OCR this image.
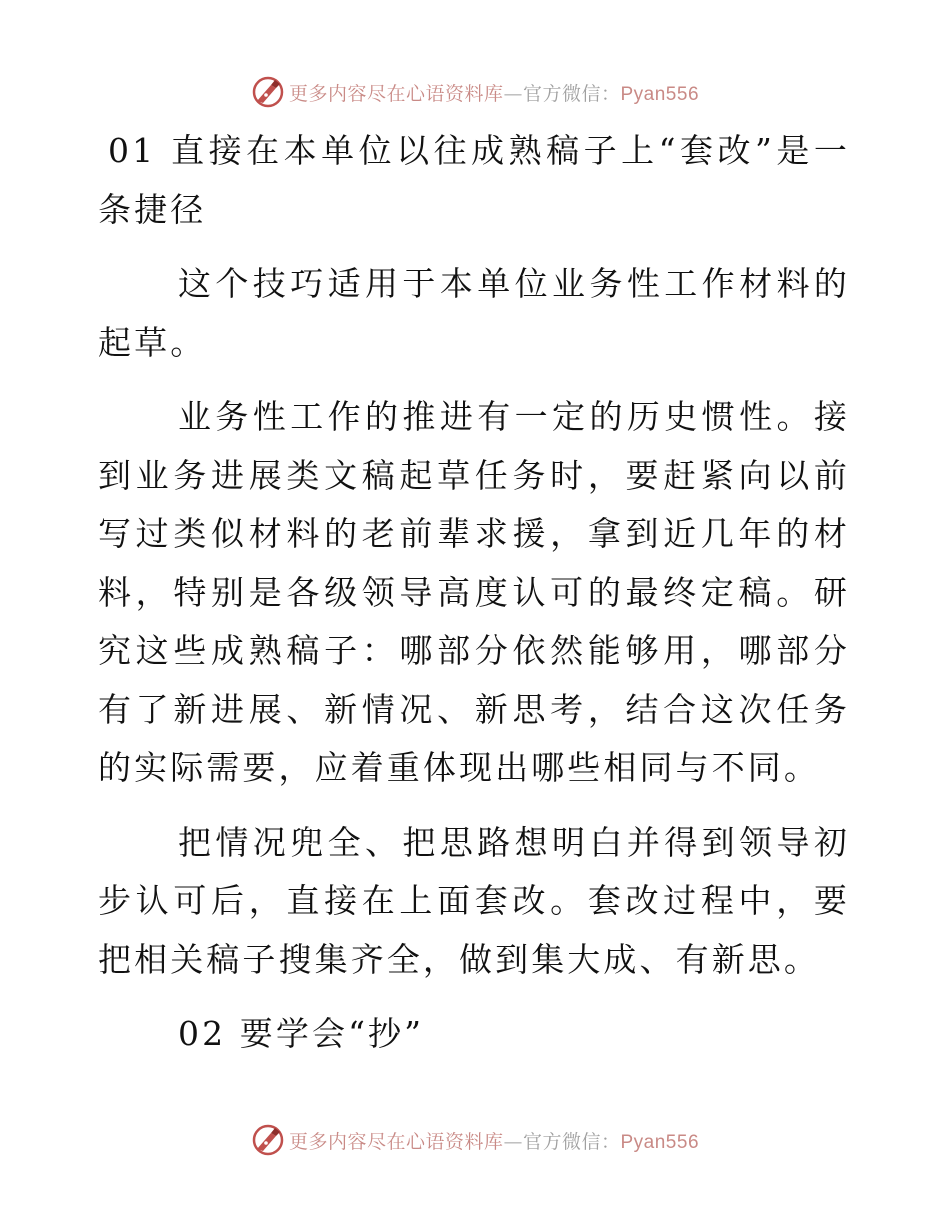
更多内容尽在心语资料库—官方微信：Pyan556

01 直接在本单位以往成熟稿子上“套改”是一条捷径

这个技巧适用于本单位业务性工作材料的起草。

业务性工作的推进有一定的历史惯性。接到业务进展类文稿起草任务时，要赶紧向以前写过类似材料的老前辈求援，拿到近几年的材料，特别是各级领导高度认可的最终定稿。研究这些成熟稿子：哪部分依然能够用，哪部分有了新进展、新情况、新思考，结合这次任务的实际需要，应着重体现出哪些相同与不同。

把情况兜全、把思路想明白并得到领导初步认可后，直接在上面套改。套改过程中，要把相关稿子搜集齐全，做到集大成、有新思。

02 要学会“抄”

更多内容尽在心语资料库—官方微信：Pyan556
